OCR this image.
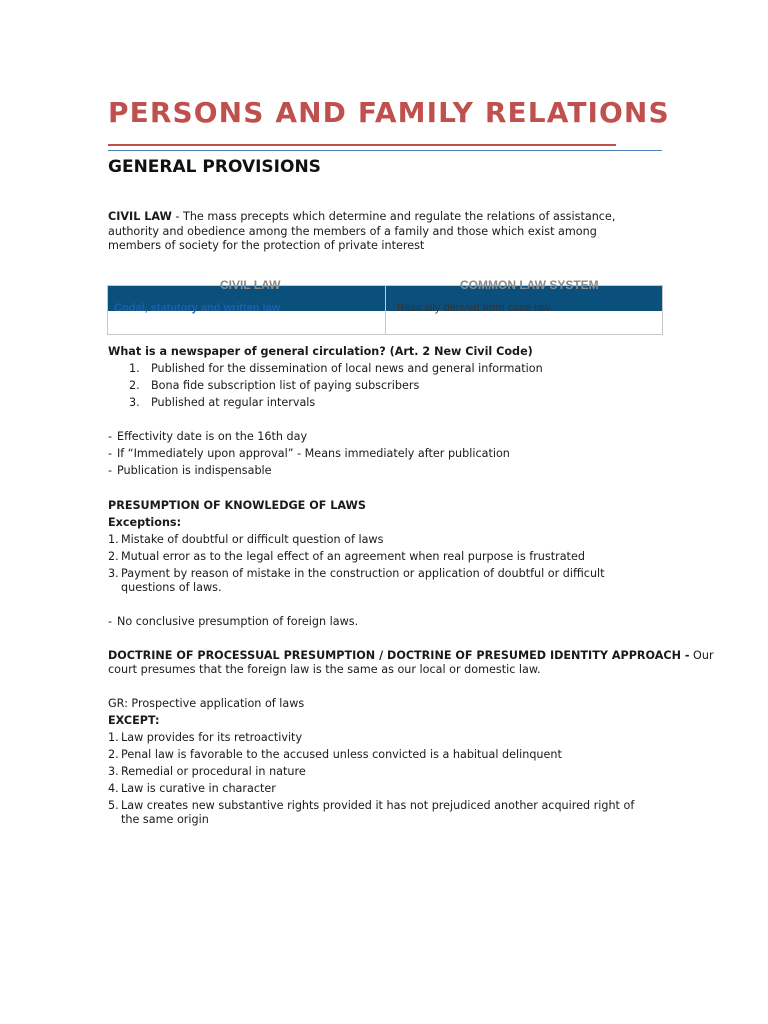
PERSONS AND FAMILY RELATIONS
GENERAL PROVISIONS

CIVIL LAW - The mass precepts which determine and regulate the relations of assistance, authority and obedience among the members of a family and those which exist among members of society for the protection of private interest

CIVIL LAW	COMMON LAW SYSTEM
Codal, statutory and written law	Basically derived from case law
What is a newspaper of general circulation? (Art. 2 New Civil Code)
1. Published for the dissemination of local news and general information
2. Bona fide subscription list of paying subscribers
3. Published at regular intervals
- Effectivity date is on the 16th day
- If “Immediately upon approval” - Means immediately after publication
- Publication is indispensable
PRESUMPTION OF KNOWLEDGE OF LAWS
Exceptions:
1. Mistake of doubtful or difficult question of laws
2. Mutual error as to the legal effect of an agreement when real purpose is frustrated
3. Payment by reason of mistake in the construction or application of doubtful or difficult
questions of laws.
- No conclusive presumption of foreign laws.
DOCTRINE OF PROCESSUAL PRESUMPTION / DOCTRINE OF PRESUMED IDENTITY APPROACH - Our
court presumes that the foreign law is the same as our local or domestic law.
GR: Prospective application of laws
EXCEPT:
1. Law provides for its retroactivity
2. Penal law is favorable to the accused unless convicted is a habitual delinquent
3. Remedial or procedural in nature
4. Law is curative in character
5. Law creates new substantive rights provided it has not prejudiced another acquired right of
the same origin
